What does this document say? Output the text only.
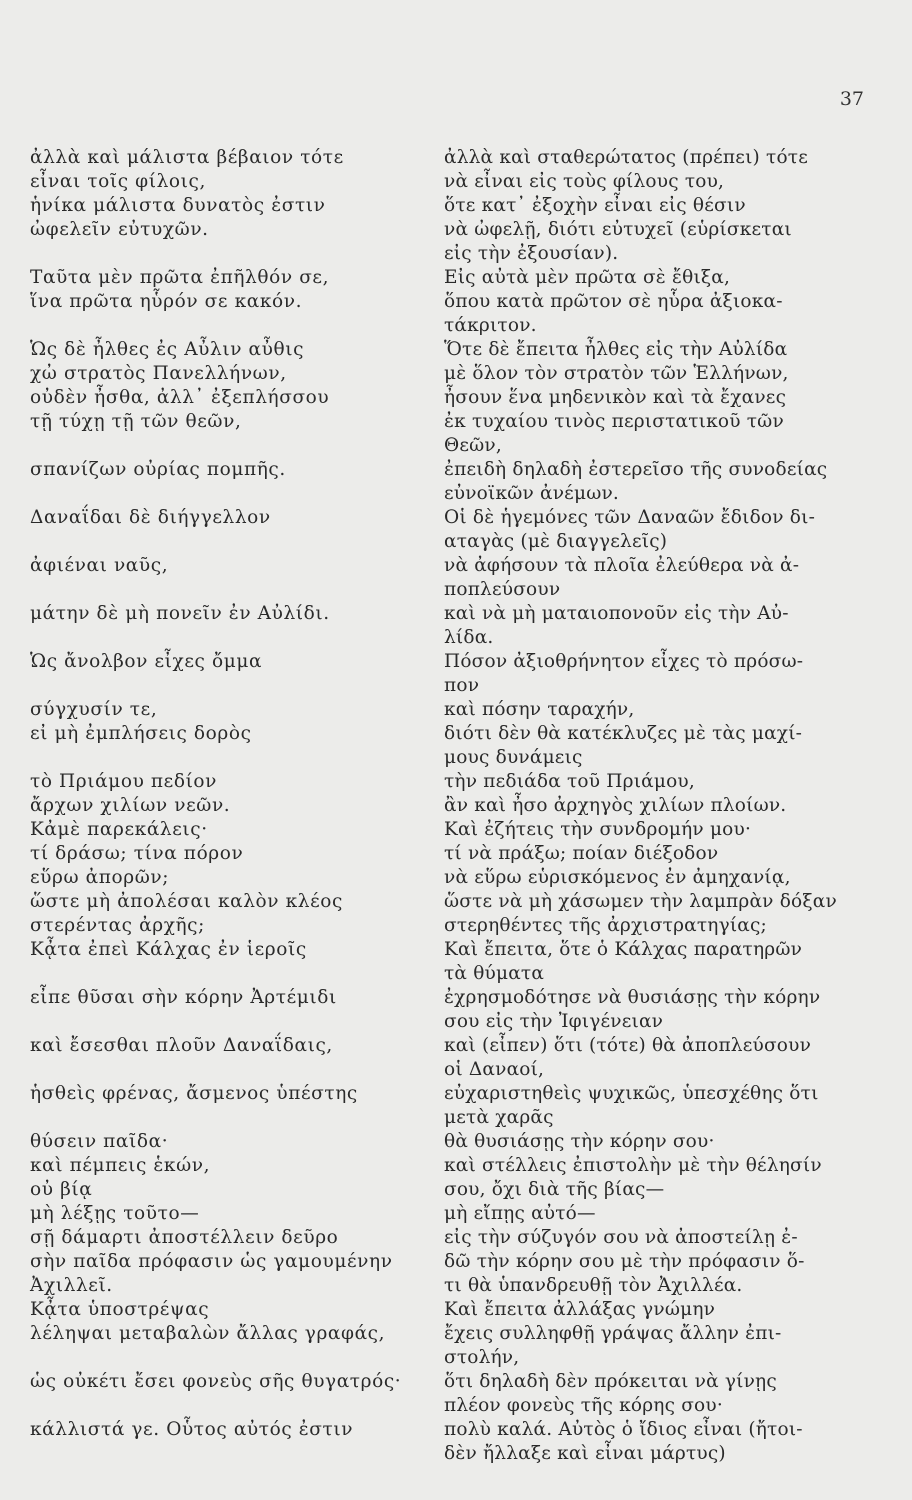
37
ἀλλὰ καὶ μάλιστα βέβαιον τότε
εἶναι τοῖς φίλοις,
ἡνίκα μάλιστα δυνατὸς ἐστιν
ὠφελεῖν εὐτυχῶν.
Ταῦτα μὲν πρῶτα ἐπῆλθόν σε,
ἵνα πρῶτα ηὗρόν σε κακόν.
Ὡς δὲ ἦλθες ἐς Αὖλιν αὖθις
χὠ στρατὸς Πανελλήνων,
οὐδὲν ἦσθα, ἀλλ᾽ ἐξεπλήσσου
τῇ τύχῃ τῇ τῶν θεῶν,
σπανίζων οὐρίας πομπῆς.
Δαναΐδαι δὲ διήγγελλον
ἀφιέναι ναῦς,
μάτην δὲ μὴ πονεῖν ἐν Αὐλίδι.
Ὡς ἄνολβον εἶχες ὄμμα
σύγχυσίν τε,
εἰ μὴ ἐμπλήσεις δορὸς
τὸ Πριάμου πεδίον
ἄρχων χιλίων νεῶν.
Κἀμὲ παρεκάλεις·
τί δράσω; τίνα πόρον
εὕρω ἀπορῶν;
ὥστε μὴ ἀπολέσαι καλὸν κλέος
στερέντας ἀρχῆς;
Κᾆτα ἐπεὶ Κάλχας ἐν ἱεροῖς
εἶπε θῦσαι σὴν κόρην Ἀρτέμιδι
καὶ ἔσεσθαι πλοῦν Δαναΐδαις,
ἡσθεὶς φρένας, ἄσμενος ὑπέστης
θύσειν παῖδα·
καὶ πέμπεις ἑκών,
οὐ βίᾳ
μὴ λέξῃς τοῦτο—
σῇ δάμαρτι ἀποστέλλειν δεῦρο
σὴν παῖδα πρόφασιν ὡς γαμουμένην
Ἀχιλλεῖ.
Κᾆτα ὑποστρέψας
λέληψαι μεταβαλὼν ἄλλας γραφάς,
ὡς οὐκέτι ἔσει φονεὺς σῆς θυγατρός·
κάλλιστά γε. Οὗτος αὐτός ἐστιν
ἀλλὰ καὶ σταθερώτατος (πρέπει) τότε
νὰ εἶναι εἰς τοὺς φίλους του,
ὅτε κατ᾽ ἐξοχὴν εἶναι εἰς θέσιν
νὰ ὠφελῇ, διότι εὐτυχεῖ (εὑρίσκεται
εἰς τὴν ἐξουσίαν).
Εἰς αὐτὰ μὲν πρῶτα σὲ ἔθιξα,
ὅπου κατὰ πρῶτον σὲ ηὗρα ἀξιοκα-
τάκριτον.
Ὅτε δὲ ἔπειτα ἦλθες εἰς τὴν Αὐλίδα
μὲ ὅλον τὸν στρατὸν τῶν Ἑλλήνων,
ἦσουν ἕνα μηδενικὸν καὶ τὰ ἔχανες
ἐκ τυχαίου τινὸς περιστατικοῦ τῶν
Θεῶν,
ἐπειδὴ δηλαδὴ ἐστερεῖσο τῆς συνοδείας
εὐνοϊκῶν ἀνέμων.
Οἱ δὲ ἡγεμόνες τῶν Δαναῶν ἔδιδον δι-
αταγὰς (μὲ διαγγελεῖς)
νὰ ἀφήσουν τὰ πλοῖα ἐλεύθερα νὰ ἀ-
ποπλεύσουν
καὶ νὰ μὴ ματαιοπονοῦν εἰς τὴν Αὐ-
λίδα.
Πόσον ἀξιοθρήνητον εἶχες τὸ πρόσω-
πον
καὶ πόσην ταραχήν,
διότι δὲν θὰ κατέκλυζες μὲ τὰς μαχί-
μους δυνάμεις
τὴν πεδιάδα τοῦ Πριάμου,
ἂν καὶ ἦσο ἀρχηγὸς χιλίων πλοίων.
Καὶ ἐζήτεις τὴν συνδρομήν μου·
τί νὰ πράξω; ποίαν διέξοδον
νὰ εὕρω εὑρισκόμενος ἐν ἀμηχανίᾳ,
ὥστε νὰ μὴ χάσωμεν τὴν λαμπρὰν δόξαν
στερηθέντες τῆς ἀρχιστρατηγίας;
Καὶ ἔπειτα, ὅτε ὁ Κάλχας παρατηρῶν
τὰ θύματα
ἐχρησμοδότησε νὰ θυσιάσῃς τὴν κόρην
σου εἰς τὴν Ἰφιγένειαν
καὶ (εἶπεν) ὅτι (τότε) θὰ ἀποπλεύσουν
οἱ Δαναοί,
εὐχαριστηθεὶς ψυχικῶς, ὑπεσχέθης ὅτι
μετὰ χαρᾶς
θὰ θυσιάσῃς τὴν κόρην σου·
καὶ στέλλεις ἐπιστολὴν μὲ τὴν θέλησίν
σου, ὄχι διὰ τῆς βίας—
μὴ εἴπῃς αὐτό—
εἰς τὴν σύζυγόν σου νὰ ἀποστείλῃ ἐ-
δῶ τὴν κόρην σου μὲ τὴν πρόφασιν ὅ-
τι θὰ ὑπανδρευθῇ τὸν Ἀχιλλέα.
Καὶ ἔπειτα ἀλλάξας γνώμην
ἔχεις συλληφθῇ γράψας ἄλλην ἐπι-
στολήν,
ὅτι δηλαδὴ δὲν πρόκειται νὰ γίνῃς
πλέον φονεὺς τῆς κόρης σου·
πολὺ καλά. Αὐτὸς ὁ ἴδιος εἶναι (ἤτοι-
δὲν ἤλλαξε καὶ εἶναι μάρτυς)
